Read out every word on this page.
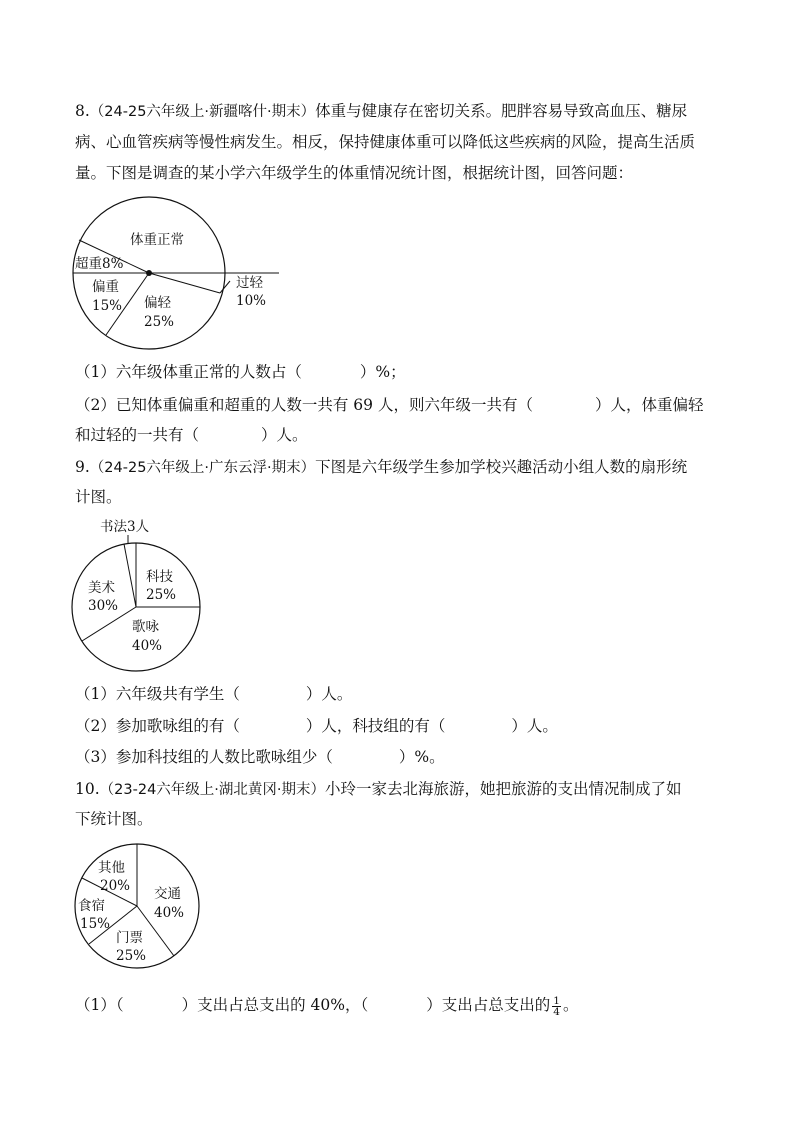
8.（24-25六年级上·新疆喀什·期末）体重与健康存在密切关系。肥胖容易导致高血压、糖尿
病、心血管疾病等慢性病发生。相反，保持健康体重可以降低这些疾病的风险，提高生活质
量。下图是调查的某小学六年级学生的体重情况统计图，根据统计图，回答问题：
体重正常
超重8%
偏重
15% 偏轻
25%
过轻
10%
（1）六年级体重正常的人数占（	）%；
（2）已知体重偏重和超重的人数一共有 69 人，则六年级一共有（	）人，体重偏轻
和过轻的一共有（	）人。
9.（24-25六年级上·广东云浮·期末）下图是六年级学生参加学校兴趣活动小组人数的扇形统
计图。
书法3人
科技
25%
美术
30%
歌咏
40%
（1）六年级共有学生（	）人。
（2）参加歌咏组的有（	）人，科技组的有（	）人。
（3）参加科技组的人数比歌咏组少（	）%。
10.（23-24六年级上·湖北黄冈·期末）小玲一家去北海旅游，她把旅游的支出情况制成了如
下统计图。
其他
20% 交通
40%
食宿
15%
门票
25%
（1）（	）支出占总支出的 40%，（	）支出占总支出的 $\frac{1}{4}$ 。
